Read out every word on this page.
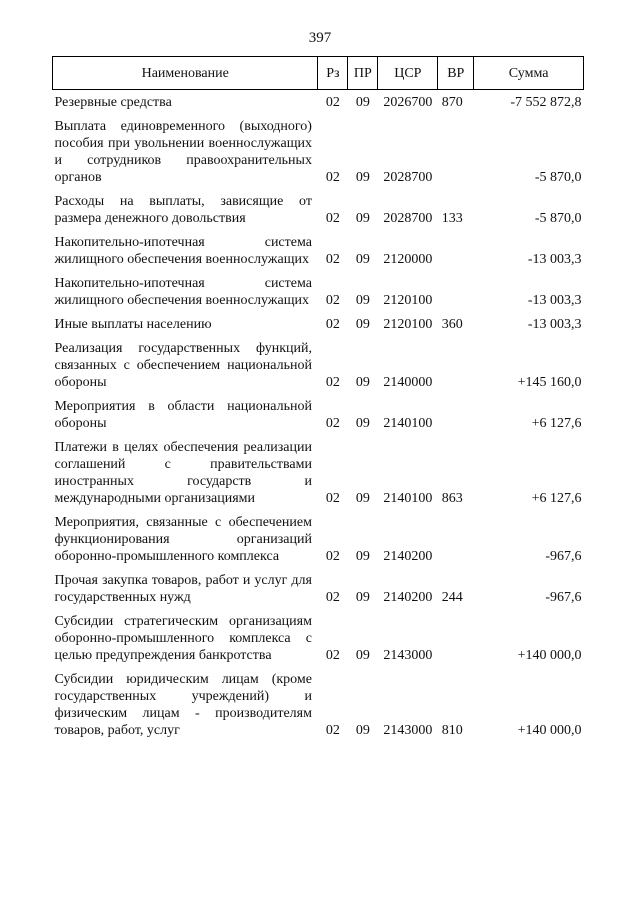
397
Наименование	Рз	ПР	ЦСР	ВР	Сумма
Резервные средства	02	09	2026700	870	-7 552 872,8
Выплата единовременного (выходного) пособия при увольнении военнослужащих и сотрудников правоохранительных органов	02	09	2028700		-5 870,0
Расходы на выплаты, зависящие от размера денежного довольствия	02	09	2028700	133	-5 870,0
Накопительно-ипотечная система жилищного обеспечения военнослужащих	02	09	2120000		-13 003,3
Накопительно-ипотечная система жилищного обеспечения военнослужащих	02	09	2120100		-13 003,3
Иные выплаты населению	02	09	2120100	360	-13 003,3
Реализация государственных функций, связанных с обеспечением национальной обороны	02	09	2140000		+145 160,0
Мероприятия в области национальной обороны	02	09	2140100		+6 127,6
Платежи в целях обеспечения реализации соглашений с правительствами иностранных государств и международными организациями	02	09	2140100	863	+6 127,6
Мероприятия, связанные с обеспечением функционирования организаций оборонно-промышленного комплекса	02	09	2140200		-967,6
Прочая закупка товаров, работ и услуг для государственных нужд	02	09	2140200	244	-967,6
Субсидии стратегическим организациям оборонно-промышленного комплекса с целью предупреждения банкротства	02	09	2143000		+140 000,0
Субсидии юридическим лицам (кроме государственных учреждений) и физическим лицам - производителям товаров, работ, услуг	02	09	2143000	810	+140 000,0
